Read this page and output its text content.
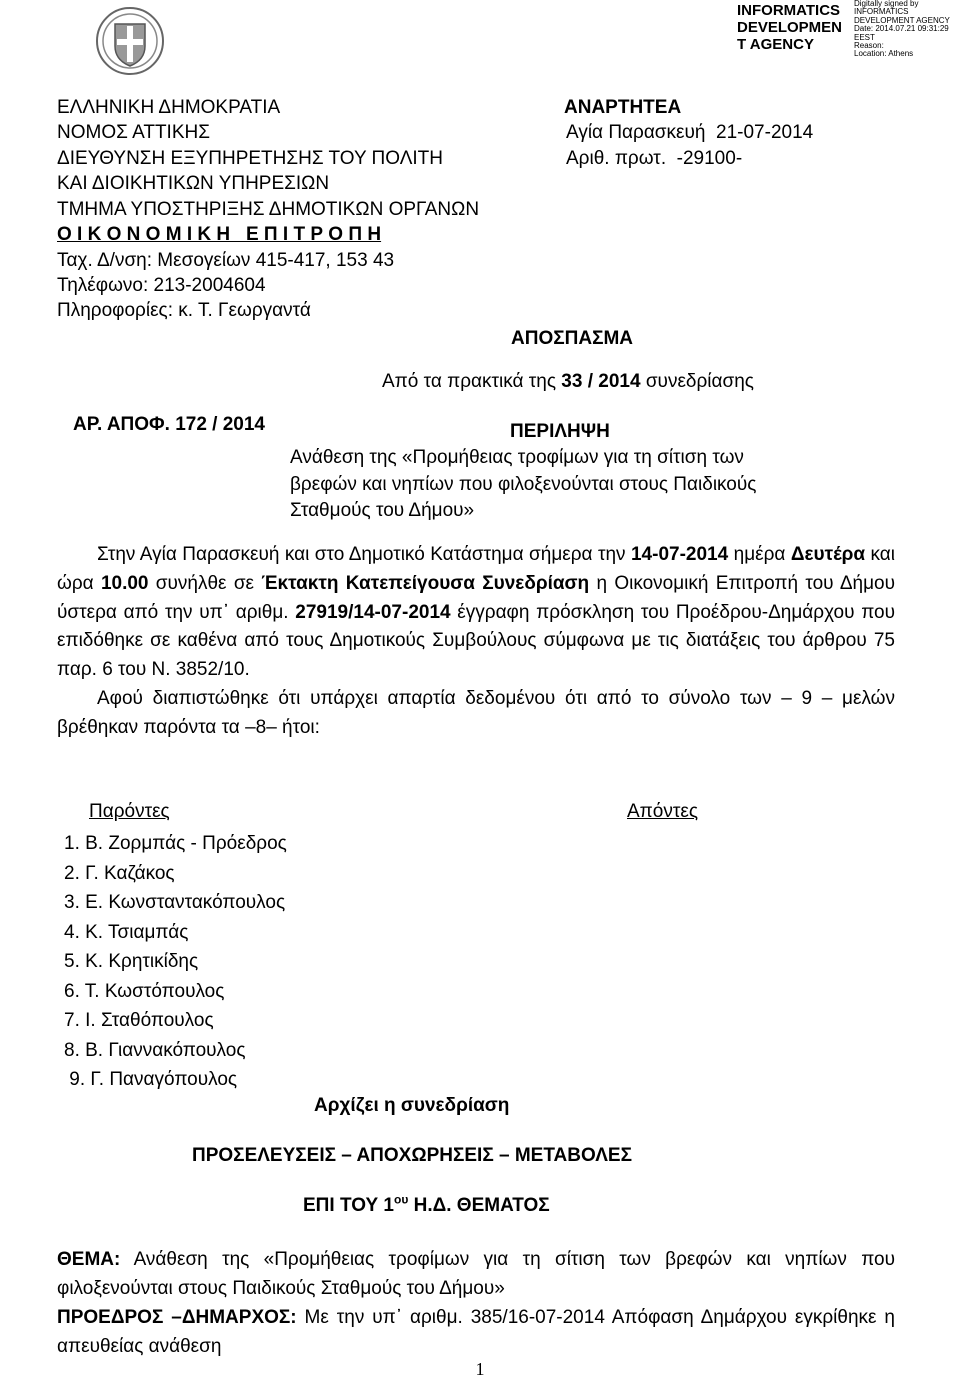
INFORMATICS
DEVELOPMEN
T AGENCY
Digitally signed by
INFORMATICS
DEVELOPMENT AGENCY
Date: 2014.07.21 09:31:29
EEST
Reason:
Location: Athens
ΕΛΛΗΝΙΚΗ ΔΗΜΟΚΡΑΤΙΑ
ΝΟΜΟΣ ΑΤΤΙΚΗΣ
ΔΙΕΥΘΥΝΣΗ ΕΞΥΠΗΡΕΤΗΣΗΣ ΤΟΥ ΠΟΛΙΤΗ
ΚΑΙ ΔΙΟΙΚΗΤΙΚΩΝ ΥΠΗΡΕΣΙΩΝ
ΤΜΗΜΑ ΥΠΟΣΤΗΡΙΞΗΣ ΔΗΜΟΤΙΚΩΝ ΟΡΓΑΝΩΝ
Ο Ι Κ Ο Ν Ο Μ Ι Κ Η   Ε Π Ι Τ Ρ Ο Π Η
Ταχ. Δ/νση: Μεσογείων 415-417, 153 43
Τηλέφωνο: 213-2004604
Πληροφορίες: κ. Τ. Γεωργαντά
ΑΝΑΡΤΗΤΕΑ
Αγία Παρασκευή  21-07-2014
Αριθ. πρωτ.  -29100-
ΑΠΟΣΠΑΣΜΑ
Από τα πρακτικά της 33 / 2014 συνεδρίασης
ΑΡ. ΑΠΟΦ. 172 / 2014	ΠΕΡΙΛΗΨΗ
Ανάθεση της «Προμήθειας τροφίμων για τη σίτιση των
βρεφών και νηπίων που φιλοξενούνται στους Παιδικούς
Σταθμούς του Δήμου»

Στην Αγία Παρασκευή και στο Δημοτικό Κατάστημα σήμερα την 14-07-2014 ημέρα Δευτέρα και ώρα 10.00 συνήλθε σε Έκτακτη Κατεπείγουσα Συνεδρίαση η Οικονομική Επιτροπή του Δήμου ύστερα από την υπ᾽ αριθμ. 27919/14-07-2014 έγγραφη πρόσκληση του Προέδρου-Δημάρχου που επιδόθηκε σε καθένα από τους Δημοτικούς Συμβούλους σύμφωνα με τις διατάξεις του άρθρου 75 παρ. 6 του Ν. 3852/10.

Αφού διαπιστώθηκε ότι υπάρχει απαρτία δεδομένου ότι από το σύνολο των – 9 – μελών βρέθηκαν παρόντα τα –8– ήτοι:

Παρόντες	Απόντες
1. Β. Ζορμπάς - Πρόεδρος
2. Γ. Καζάκος
3. Ε. Κωνσταντακόπουλος
4. Κ. Τσιαμπάς
5. Κ. Κρητικίδης
6. Τ. Κωστόπουλος
7. Ι. Σταθόπουλος
8. Β. Γιαννακόπουλος
9. Γ. Παναγόπουλος
Αρχίζει η συνεδρίαση
ΠΡΟΣΕΛΕΥΣΕΙΣ – ΑΠΟΧΩΡΗΣΕΙΣ – ΜΕΤΑΒΟΛΕΣ
ΕΠΙ ΤΟΥ $1^{o\upsilon}$ Η.Δ. ΘΕΜΑΤΟΣ

ΘΕΜΑ: Ανάθεση της «Προμήθειας τροφίμων για τη σίτιση των βρεφών και νηπίων που φιλοξενούνται στους Παιδικούς Σταθμούς του Δήμου»

ΠΡΟΕΔΡΟΣ –ΔΗΜΑΡΧΟΣ: Με την υπ᾽ αριθμ. 385/16-07-2014 Απόφαση Δημάρχου εγκρίθηκε η απευθείας ανάθεση

1
